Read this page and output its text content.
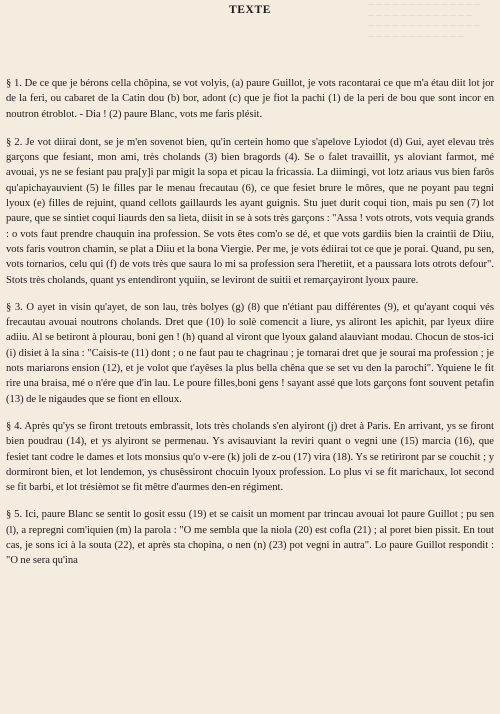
— — — — — — — — — — — — — —
— — — — — — — — — — — — —
— — — — — — — — — — — — — —
— — — — — — — — — — — —
TEXTE

§ 1. De ce que je bérons cella chôpina, se vot volyis, (a) paure Guillot, je vots racontarai ce que m'a étau diit lot jor de la feri, ou cabaret de la Catin dou (b) bor, adont (c) que je fiot la pachi (1) de la peri de bou que sont incor en noutron étroblot. - Dia ! (2) paure Blanc, vots me faris plésit.

§ 2. Je vot diirai dont, se je m'en sovenot bien, qu'in certein homo que s'apelove Lyiodot (d) Gui, ayet elevau très garçons que fesiant, mon ami, très cholands (3) bien bragords (4). Se o falet travaillit, ys aloviant farmot, mé avouai, ys ne se fesiant pau pra[y]i par migit la sopa et picau la fricassia. La diimingi, vot lotz ariaus vus bien farôs qu'apichayauvient (5) le filles par le menau frecautau (6), ce que fesiet brure le môres, que ne poyant pau tegni lyoux (e) filles de rejuint, quand cellots gaillaurds les ayant guignis. Stu juet durit coqui tion, mais pu sen (7) lot paure, que se sintiet coqui liaurds den sa lieta, diisit in se à sots très garçons : "Assa ! vots otrots, vots vequia grands : o vots faut prendre chauquin ina profession. Se vots êtes com'o se dé, et que vots gardiis bien la craintii de Diiu, vots faris voutron chamin, se plat a Diiu et la bona Viergie. Per me, je vots édiirai tot ce que je porai. Quand, pu sen, vots tornarios, celu qui (f) de vots très que saura lo mi sa profession sera l'heretiit, et a paussara lots otrots defour". Stots très cholands, quant ys entendiront yquiin, se leviront de suitii et remarçayiront lyoux paure.

§ 3. O ayet in visin qu'ayet, de son lau, très bolyes (g) (8) que n'étiant pau différentes (9), et qu'ayant coqui vés frecautau avouai noutrons cholands. Dret que (10) lo solè comencit a liure, ys aliront les apichit, par lyeux diire adiiu. Al se betiront à plourau, boni gen ! (h) quand al viront que lyoux galand alauviant modau. Chocun de stos-ici (i) disiet à la sina : "Caisis-te (11) dont ; o ne faut pau te chagrinau ; je tornarai dret que je sourai ma profession ; je nots mariarons ension (12), et je volot que t'ayêses la plus bella chêna que se set vu den la parochi". Yquiene le fit rire una braisa, mé o n'ére que d'in lau. Le poure filles,boni gens ! sayant assé que lots garçons font souvent petafin (13) de le nigaudes que se fiont en elloux.

§ 4. Après qu'ys se firont tretouts embrassit, lots très cholands s'en alyiront (j) dret à Paris. En arrivant, ys se firont bien poudrau (14), et ys alyiront se permenau. Ys avisauviant la reviri quant o vegni une (15) marcia (16), que fesiet tant codre le dames et lots monsius qu'o v-ere (k) joli de z-ou (17) vira (18). Ys se retiriront par se couchit ; y dormiront bien, et lot lendemon, ys chusêssiront chocuin lyoux profession. Lo plus vi se fit marichaux, lot second se fit barbi, et lot trésièmot se fit mêtre d'aurmes den-en régiment.

§ 5. Ici, paure Blanc se sentit lo gosit essu (19) et se caisit un moment par trincau avouai lot paure Guillot ; pu sen (l), a repregni com'iquien (m) la parola : "O me sembla que la niola (20) est cofla (21) ; al poret bien pissit. En tout cas, je sons ici à la souta (22), et après sta chopina, o nen (n) (23) pot vegni in autra". Lo paure Guillot respondit : "O ne sera qu'ina
